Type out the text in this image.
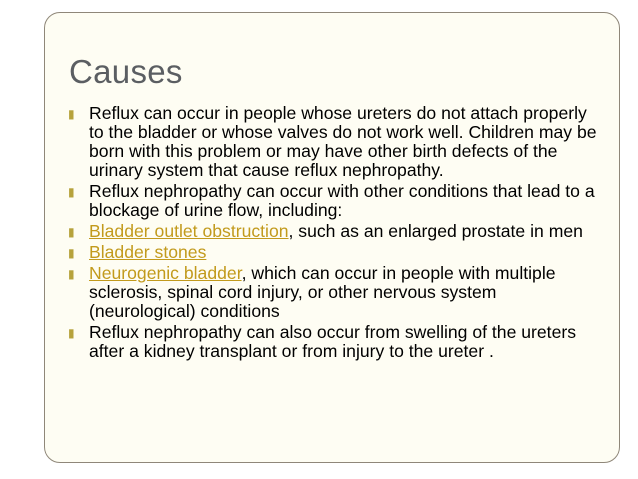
Causes
▮ Reflux can occur in people whose ureters do not attach properly to the bladder or whose valves do not work well. Children may be born with this problem or may have other birth defects of the urinary system that cause reflux nephropathy.
▮ Reflux nephropathy can occur with other conditions that lead to a blockage of urine flow, including:
▮ Bladder outlet obstruction, such as an enlarged prostate in men
▮ Bladder stones
▮ Neurogenic bladder, which can occur in people with multiple sclerosis, spinal cord injury, or other nervous system (neurological) conditions
▮ Reflux nephropathy can also occur from swelling of the ureters after a kidney transplant or from injury to the ureter .
